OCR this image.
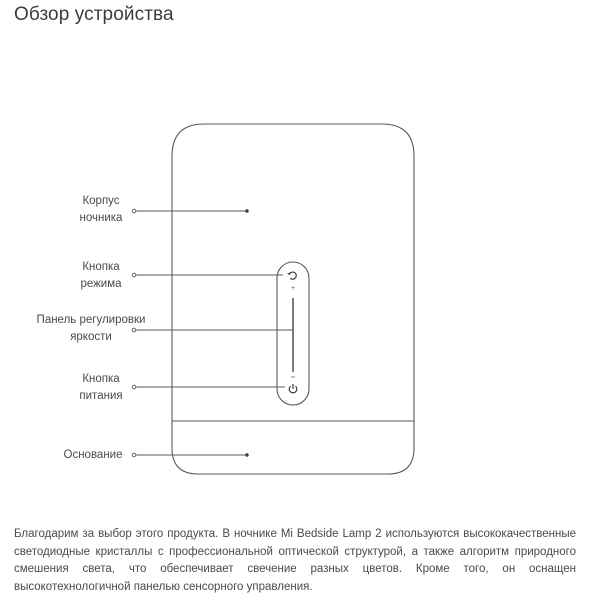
Обзор устройства
+
Корпус
ночника
Кнопка
режима
Панель регулировки
яркости
Кнопка
питания
Основание

Благодарим за выбор этого продукта. В ночнике Mi Bedside Lamp 2 используются высококачественные светодиодные кристаллы с профессиональной оптической структурой, а также алгоритм природного смешения света, что обеспечивает свечение разных цветов. Кроме того, он оснащен высокотехнологичной панелью сенсорного управления.
